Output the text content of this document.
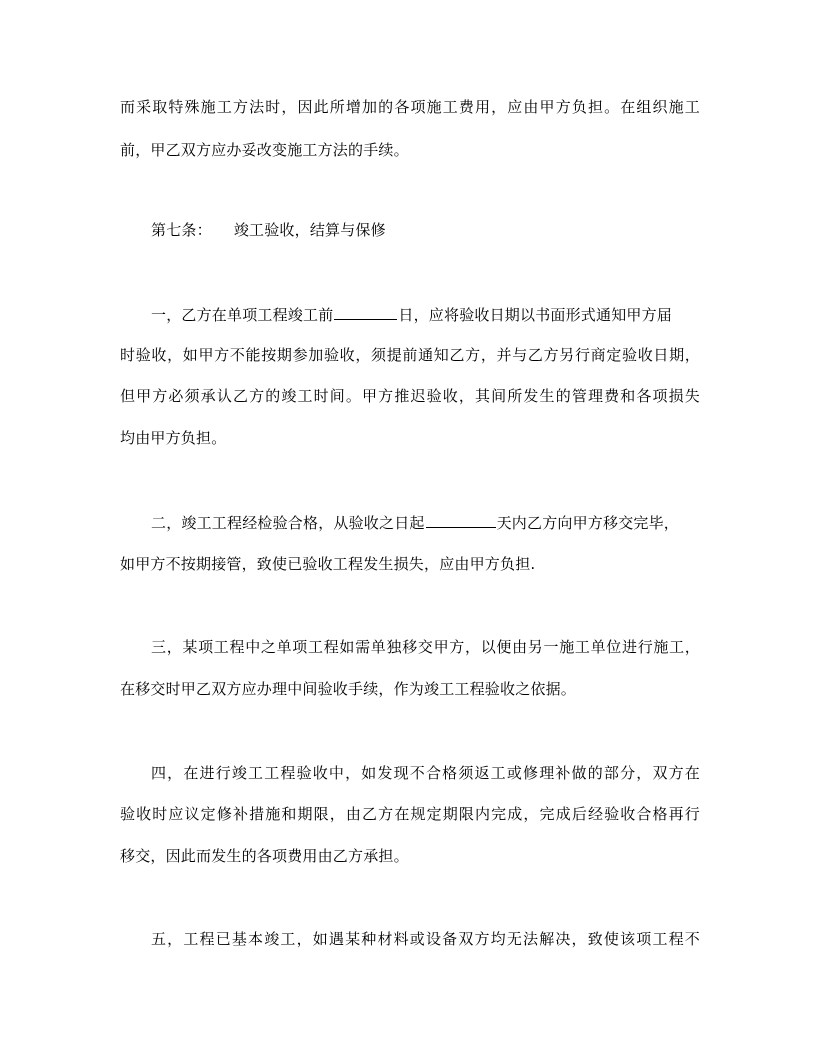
而采取特殊施工方法时，因此所增加的各项施工费用，应由甲方负担。在组织施工
前，甲乙双方应办妥改变施工方法的手续。
第七条： 竣工验收，结算与保修
一，乙方在单项工程竣工前	日，应将验收日期以书面形式通知甲方届
时验收，如甲方不能按期参加验收，须提前通知乙方，并与乙方另行商定验收日期，
但甲方必须承认乙方的竣工时间。甲方推迟验收，其间所发生的管理费和各项损失
均由甲方负担。
二，竣工工程经检验合格，从验收之日起	天内乙方向甲方移交完毕，
如甲方不按期接管，致使已验收工程发生损失，应由甲方负担.
三，某项工程中之单项工程如需单独移交甲方，以便由另一施工单位进行施工，
在移交时甲乙双方应办理中间验收手续，作为竣工工程验收之依据。
四，在进行竣工工程验收中，如发现不合格须返工或修理补做的部分，双方在
验收时应议定修补措施和期限，由乙方在规定期限内完成，完成后经验收合格再行
移交，因此而发生的各项费用由乙方承担。
五，工程已基本竣工，如遇某种材料或设备双方均无法解决，致使该项工程不
